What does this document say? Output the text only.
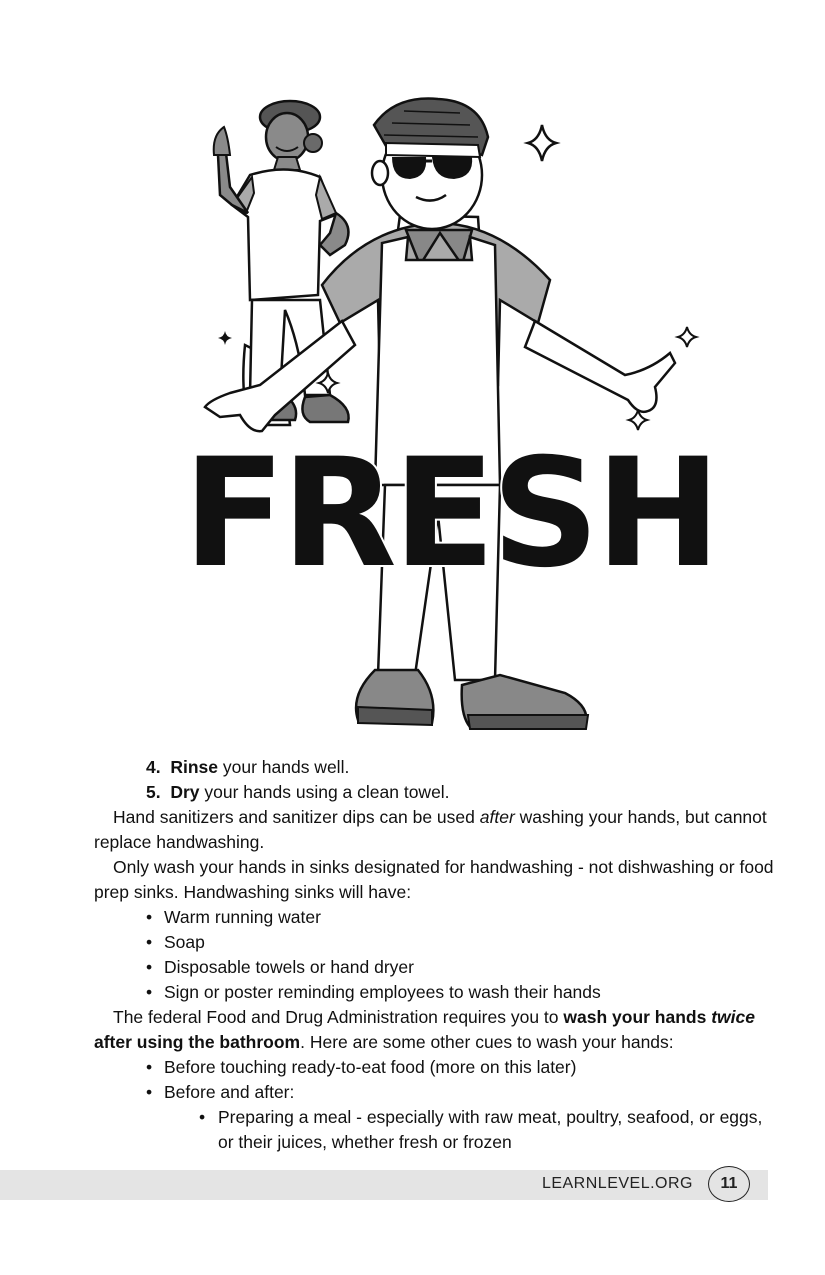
FRESH

4. Rinse your hands well.

5. Dry your hands using a clean towel.

Hand sanitizers and sanitizer dips can be used after washing your hands, but cannot replace handwashing.

Only wash your hands in sinks designated for handwashing - not dishwashing or food prep sinks. Handwashing sinks will have:

• Warm running water
• Soap
• Disposable towels or hand dryer
• Sign or poster reminding employees to wash their hands

The federal Food and Drug Administration requires you to wash your hands twice after using the bathroom. Here are some other cues to wash your hands:

• Before touching ready-to-eat food (more on this later)
• Before and after:
• Preparing a meal - especially with raw meat, poultry, seafood, or eggs, or their juices, whether fresh or frozen
LEARNLEVEL.ORG	11
